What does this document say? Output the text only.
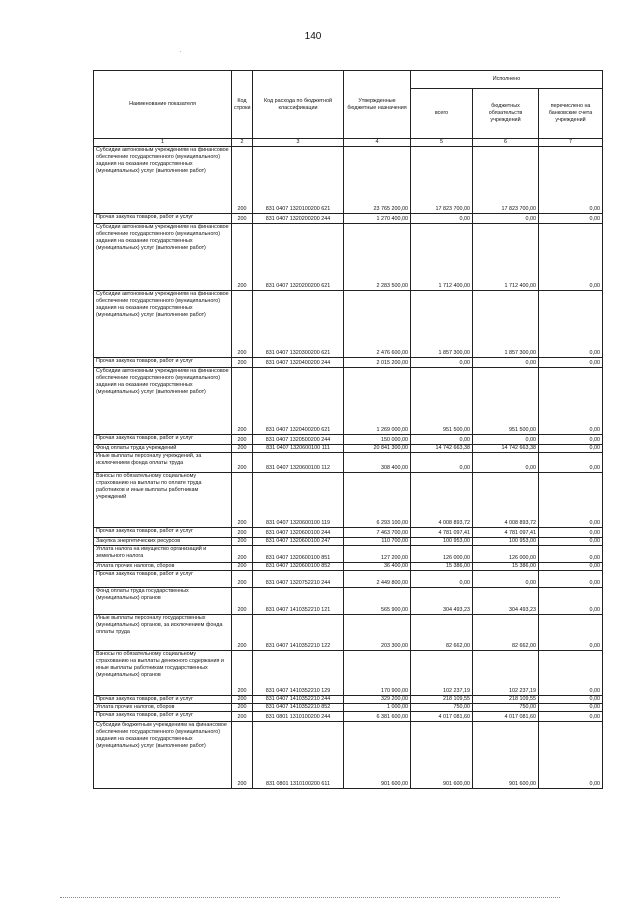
140
.
Наименование показателя	Код строки	Код расхода по бюджетной классификации	Утвержденные бюджетные назначения	Исполнено		
				всего	бюджетных обязательств учреждений	перечислено на банковские счета учреждений
1	2	3	4	5	6	7
Субсидии автономным учреждениям на финансовое обеспечение государственного (муниципального) задания на оказание государственных (муниципальных) услуг (выполнение работ)	200	831 0407 1320100200 621	23 765 200,00	17 823 700,00	17 823 700,00	0,00
Прочая закупка товаров, работ и услуг	200	831 0407 1320200200 244	1 270 400,00	0,00	0,00	0,00
Субсидии автономным учреждениям на финансовое обеспечение государственного (муниципального) задания на оказание государственных (муниципальных) услуг (выполнение работ)	200	831 0407 1320200200 621	2 283 500,00	1 712 400,00	1 712 400,00	0,00
Субсидии автономным учреждениям на финансовое обеспечение государственного (муниципального) задания на оказание государственных (муниципальных) услуг (выполнение работ)	200	831 0407 1320300200 621	2 476 600,00	1 857 300,00	1 857 300,00	0,00
Прочая закупка товаров, работ и услуг	200	831 0407 1320400200 244	2 015 200,00	0,00	0,00	0,00
Субсидии автономным учреждениям на финансовое обеспечение государственного (муниципального) задания на оказание государственных (муниципальных) услуг (выполнение работ)	200	831 0407 1320400200 621	1 269 000,00	951 500,00	951 500,00	0,00
Прочая закупка товаров, работ и услуг	200	831 0407 1320500200 244	150 000,00	0,00	0,00	0,00
Фонд оплаты труда учреждений	200	831 0407 1320600100 111	20 841 300,00	14 742 663,38	14 742 663,38	0,00
Иные выплаты персоналу учреждений, за исключением фонда оплаты труда	200	831 0407 1320600100 112	308 400,00	0,00	0,00	0,00
Взносы по обязательному социальному страхованию на выплаты по оплате труда работников и иные выплаты работникам учреждений	200	831 0407 1320600100 119	6 293 100,00	4 008 893,72	4 008 893,72	0,00
Прочая закупка товаров, работ и услуг	200	831 0407 1320600100 244	7 463 700,00	4 781 097,41	4 781 097,41	0,00
Закупка энергетических ресурсов	200	831 0407 1320600100 247	110 700,00	100 953,00	100 953,00	0,00
Уплата налога на имущество организаций и земельного налога	200	831 0407 1320600100 851	127 200,00	126 000,00	126 000,00	0,00
Уплата прочих налогов, сборов	200	831 0407 1320600100 852	36 400,00	15 386,00	15 386,00	0,00
Прочая закупка товаров, работ и услуг	200	831 0407 1320752210 244	2 449 800,00	0,00	0,00	0,00
Фонд оплаты труда государственных (муниципальных) органов	200	831 0407 1410352210 121	565 900,00	304 493,23	304 493,23	0,00
Иные выплаты персоналу государственных (муниципальных) органов, за исключением фонда оплаты труда	200	831 0407 1410352210 122	203 300,00	82 662,00	82 662,00	0,00
Взносы по обязательному социальному страхованию на выплаты денежного содержания и иные выплаты работникам государственных (муниципальных) органов	200	831 0407 1410352210 129	170 900,00	102 237,19	102 237,19	0,00
Прочая закупка товаров, работ и услуг	200	831 0407 1410352210 244	329 200,00	218 109,55	218 109,55	0,00
Уплата прочих налогов, сборов	200	831 0407 1410352210 852	1 000,00	750,00	750,00	0,00
Прочая закупка товаров, работ и услуг	200	831 0801 1310100200 244	6 381 600,00	4 017 081,60	4 017 081,60	0,00
Субсидии бюджетным учреждениям на финансовое обеспечение государственного (муниципального) задания на оказание государственных (муниципальных) услуг (выполнение работ)	200	831 0801 1310100200 611	901 600,00	901 600,00	901 600,00	0,00
